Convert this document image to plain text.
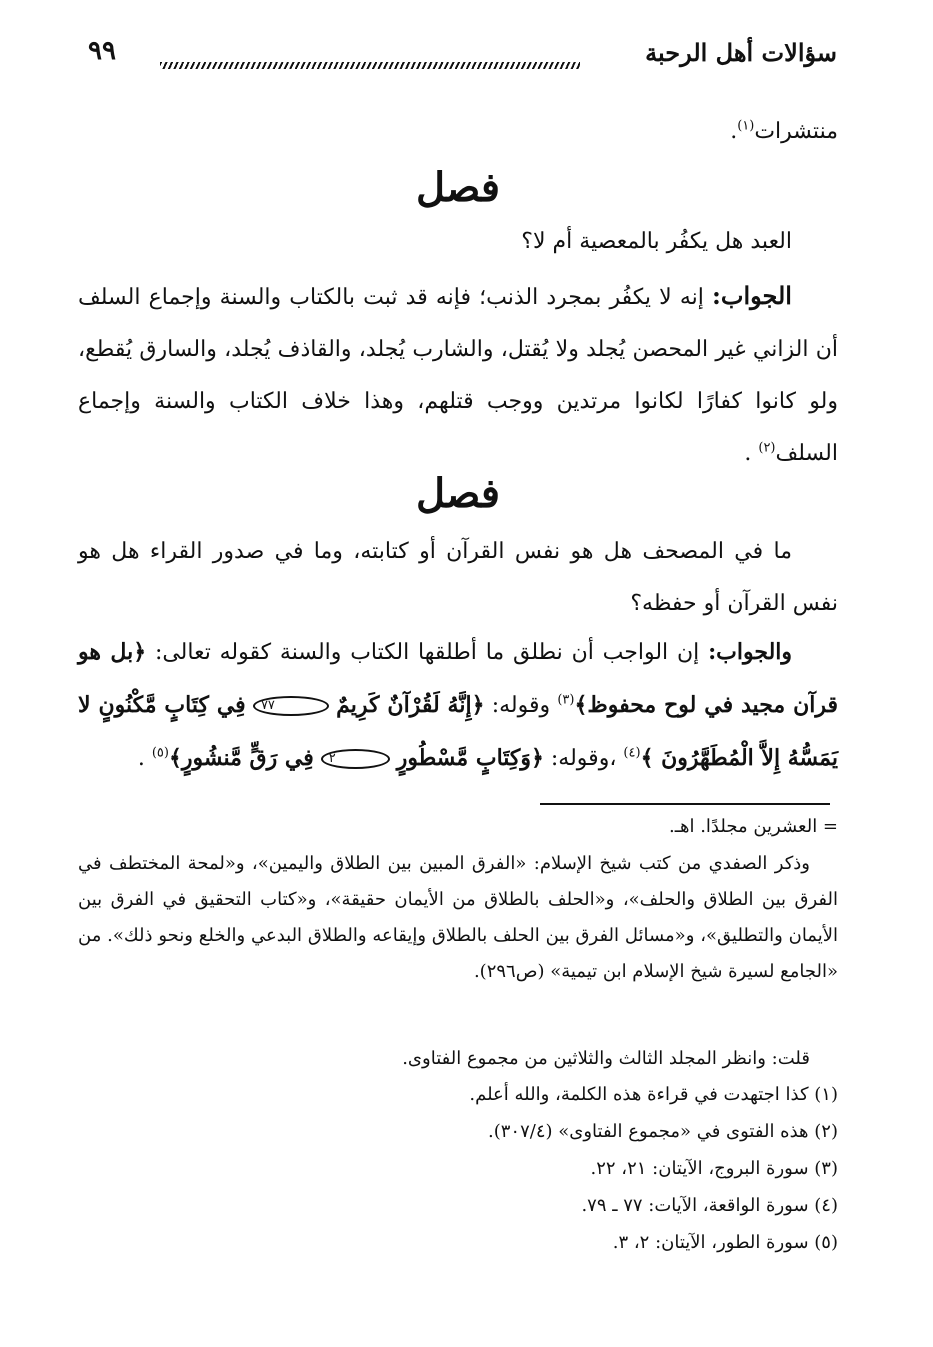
سؤالات أهل الرحبة
٩٩
منتشرات$^{(١)}$.
فصل
العبد هل يكفُر بالمعصية أم لا؟
الجواب: إنه لا يكفُر بمجرد الذنب؛ فإنه قد ثبت بالكتاب والسنة وإجماع السلف أن الزاني غير المحصن يُجلد ولا يُقتل، والشارب يُجلد، والقاذف يُجلد، والسارق يُقطع، ولو كانوا كفارًا لكانوا مرتدين ووجب قتلهم، وهذا خلاف الكتاب والسنة وإجماع السلف$^{(٢)}$ .
فصل
ما في المصحف هل هو نفس القرآن أو كتابته، وما في صدور القراء هل هو نفس القرآن أو حفظه؟
والجواب: إن الواجب أن نطلق ما أطلقها الكتاب والسنة كقوله تعالى: ﴿بل هو قرآن مجيد في لوح محفوظ﴾$^{(٣)}$ وقوله: ﴿إِنَّهُ لَقُرْآنٌ كَرِيمٌ ٧٧ فِي كِتَابٍ مَّكْنُونٍ لا يَمَسُّهُ إِلاَّ الْمُطَهَّرُونَ ﴾$^{(٤)}$ ،وقوله: ﴿وَكِتَابٍ مَّسْطُورٍ ٢ فِي رَقٍّ مَّنشُورٍ﴾$^{(٥)}$ .
= العشرين مجلدًا. اهـ.
وذكر الصفدي من كتب شيخ الإسلام: «الفرق المبين بين الطلاق واليمين»، و«لمحة المختطف في الفرق بين الطلاق والحلف»، و«الحلف بالطلاق من الأيمان حقيقة»، و«كتاب التحقيق في الفرق بين الأيمان والتطليق»، و«مسائل الفرق بين الحلف بالطلاق وإيقاعه والطلاق البدعي والخلع ونحو ذلك». من «الجامع لسيرة شيخ الإسلام ابن تيمية» (ص٢٩٦).
قلت: وانظر المجلد الثالث والثلاثين من مجموع الفتاوى.
(١) كذا اجتهدت في قراءة هذه الكلمة، والله أعلم.
(٢) هذه الفتوى في «مجموع الفتاوى» (٣٠٧/٤).
(٣) سورة البروج، الآيتان: ٢١، ٢٢.
(٤) سورة الواقعة، الآيات: ٧٧ ـ ٧٩.
(٥) سورة الطور، الآيتان: ٢، ٣.
